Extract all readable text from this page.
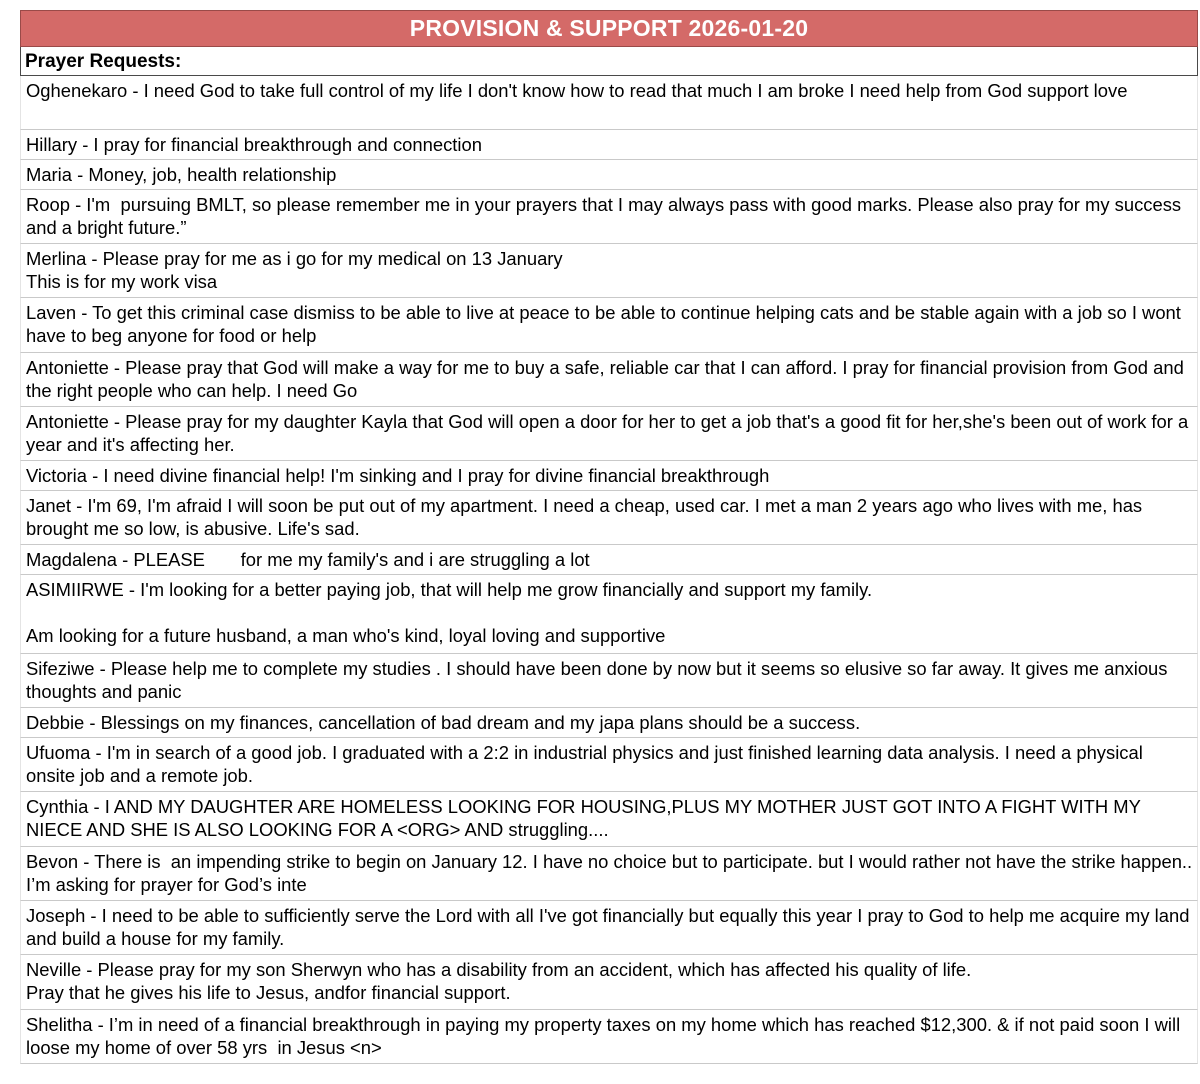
PROVISION & SUPPORT 2026-01-20
Prayer Requests:
Oghenekaro - I need God to take full control of my life I don't know how to read that much I am broke I need help from God support love
Hillary - I pray for financial breakthrough and connection
Maria - Money, job, health relationship
Roop - I'm  pursuing BMLT, so please remember me in your prayers that I may always pass with good marks. Please also pray for my success and a bright future.”
Merlina - Please pray for me as i go for my medical on 13 January
This is for my work visa
Laven - To get this criminal case dismiss to be able to live at peace to be able to continue helping cats and be stable again with a job so I wont have to beg anyone for food or help
Antoniette - Please pray that God will make a way for me to buy a safe, reliable car that I can afford. I pray for financial provision from God and the right people who can help. I need Go
Antoniette - Please pray for my daughter Kayla that God will open a door for her to get a job that's a good fit for her,she's been out of work for a year and it's affecting her.
Victoria - I need divine financial help! I'm sinking and I pray for divine financial breakthrough
Janet - I'm 69, I'm afraid I will soon be put out of my apartment. I need a cheap, used car. I met a man 2 years ago who lives with me, has brought me so low, is abusive. Life's sad.
Magdalena - PLEASE       for me my family's and i are struggling a lot
ASIMIIRWE - I'm looking for a better paying job, that will help me grow financially and support my family.

Am looking for a future husband, a man who's kind, loyal loving and supportive
Sifeziwe - Please help me to complete my studies . I should have been done by now but it seems so elusive so far away. It gives me anxious thoughts and panic
Debbie - Blessings on my finances, cancellation of bad dream and my japa plans should be a success.
Ufuoma - I'm in search of a good job. I graduated with a 2:2 in industrial physics and just finished learning data analysis. I need a physical onsite job and a remote job.
Cynthia - I AND MY DAUGHTER ARE HOMELESS LOOKING FOR HOUSING,PLUS MY MOTHER JUST GOT INTO A FIGHT WITH MY NIECE AND SHE IS ALSO LOOKING FOR A <ORG> AND struggling....
Bevon - There is  an impending strike to begin on January 12. I have no choice but to participate. but I would rather not have the strike happen.. I’m asking for prayer for God’s inte
Joseph - I need to be able to sufficiently serve the Lord with all I've got financially but equally this year I pray to God to help me acquire my land and build a house for my family.
Neville - Please pray for my son Sherwyn who has a disability from an accident, which has affected his quality of life.
Pray that he gives his life to Jesus, andfor financial support.
Shelitha - I’m in need of a financial breakthrough in paying my property taxes on my home which has reached $12,300. & if not paid soon I will loose my home of over 58 yrs  in Jesus <n>
